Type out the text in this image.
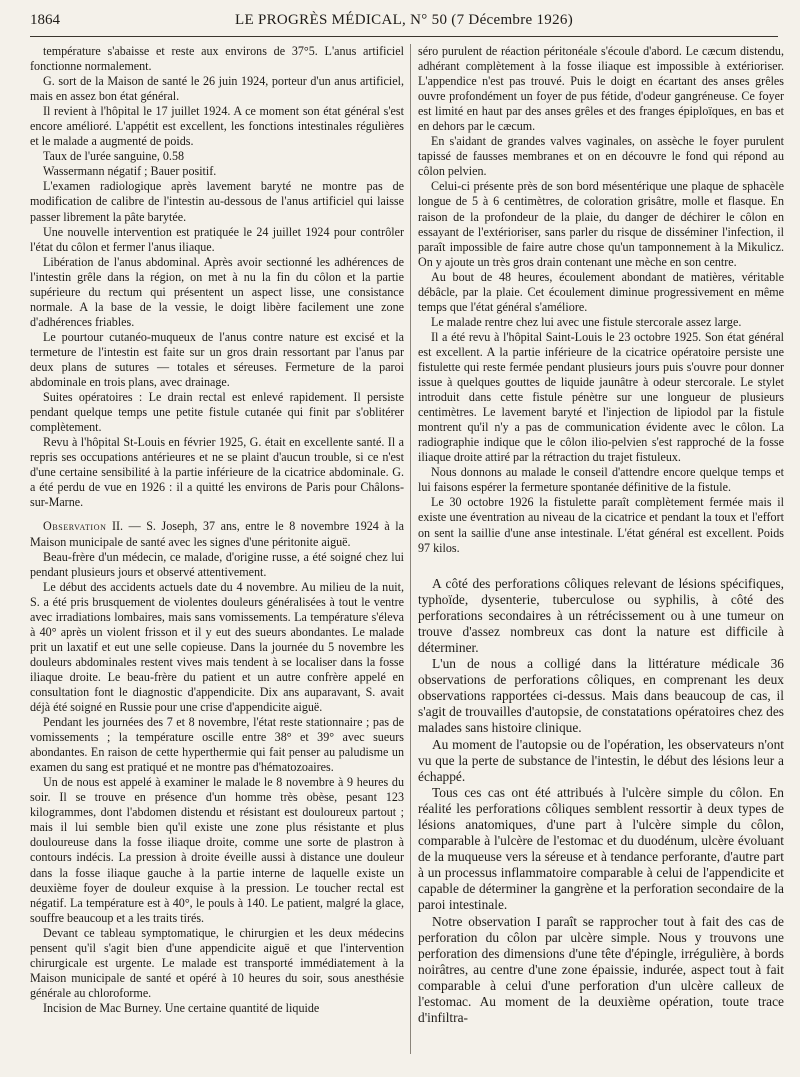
1864	LE PROGRÈS MÉDICAL, N° 50 (7 Décembre 1926)

température s'abaisse et reste aux environs de 37°5. L'anus artificiel fonctionne normalement.

G. sort de la Maison de santé le 26 juin 1924, porteur d'un anus artificiel, mais en assez bon état général.

Il revient à l'hôpital le 17 juillet 1924. A ce moment son état général s'est encore amélioré. L'appétit est excellent, les fonctions intestinales régulières et le malade a augmenté de poids.

Taux de l'urée sanguine, 0.58

Wassermann négatif ; Bauer positif.

L'examen radiologique après lavement baryté ne montre pas de modification de calibre de l'intestin au-dessous de l'anus artificiel qui laisse passer librement la pâte barytée.

Une nouvelle intervention est pratiquée le 24 juillet 1924 pour contrôler l'état du côlon et fermer l'anus iliaque.

Libération de l'anus abdominal. Après avoir sectionné les adhérences de l'intestin grêle dans la région, on met à nu la fin du côlon et la partie supérieure du rectum qui présentent un aspect lisse, une consistance normale. A la base de la vessie, le doigt libère facilement une zone d'adhérences friables.

Le pourtour cutanéo-muqueux de l'anus contre nature est excisé et la termeture de l'intestin est faite sur un gros drain ressortant par l'anus par deux plans de sutures — totales et séreuses. Fermeture de la paroi abdominale en trois plans, avec drainage.

Suites opératoires : Le drain rectal est enlevé rapidement. Il persiste pendant quelque temps une petite fistule cutanée qui finit par s'oblitérer complètement.

Revu à l'hôpital St-Louis en février 1925, G. était en excellente santé. Il a repris ses occupations antérieures et ne se plaint d'aucun trouble, si ce n'est d'une certaine sensibilité à la partie inférieure de la cicatrice abdominale. G. a été perdu de vue en 1926 : il a quitté les environs de Paris pour Châlons-sur-Marne.

Observation II. — S. Joseph, 37 ans, entre le 8 novembre 1924 à la Maison municipale de santé avec les signes d'une péritonite aiguë.

Beau-frère d'un médecin, ce malade, d'origine russe, a été soigné chez lui pendant plusieurs jours et observé attentivement.

Le début des accidents actuels date du 4 novembre. Au milieu de la nuit, S. a été pris brusquement de violentes douleurs généralisées à tout le ventre avec irradiations lombaires, mais sans vomissements. La température s'éleva à 40° après un violent frisson et il y eut des sueurs abondantes. Le malade prit un laxatif et eut une selle copieuse. Dans la journée du 5 novembre les douleurs abdominales restent vives mais tendent à se localiser dans la fosse iliaque droite. Le beau-frère du patient et un autre confrère appelé en consultation font le diagnostic d'appendicite. Dix ans auparavant, S. avait déjà été soigné en Russie pour une crise d'appendicite aiguë.

Pendant les journées des 7 et 8 novembre, l'état reste stationnaire ; pas de vomissements ; la température oscille entre 38° et 39° avec sueurs abondantes. En raison de cette hyperthermie qui fait penser au paludisme un examen du sang est pratiqué et ne montre pas d'hématozoaires.

Un de nous est appelé à examiner le malade le 8 novembre à 9 heures du soir. Il se trouve en présence d'un homme très obèse, pesant 123 kilogrammes, dont l'abdomen distendu et résistant est douloureux partout ; mais il lui semble bien qu'il existe une zone plus résistante et plus douloureuse dans la fosse iliaque droite, comme une sorte de plastron à contours indécis. La pression à droite éveille aussi à distance une douleur dans la fosse iliaque gauche à la partie interne de laquelle existe un deuxième foyer de douleur exquise à la pression. Le toucher rectal est négatif. La température est à 40°, le pouls à 140. Le patient, malgré la glace, souffre beaucoup et a les traits tirés.

Devant ce tableau symptomatique, le chirurgien et les deux médecins pensent qu'il s'agit bien d'une appendicite aiguë et que l'intervention chirurgicale est urgente. Le malade est transporté immédiatement à la Maison municipale de santé et opéré à 10 heures du soir, sous anesthésie générale au chloroforme.

Incision de Mac Burney. Une certaine quantité de liquide

séro purulent de réaction péritonéale s'écoule d'abord. Le cæcum distendu, adhérant complètement à la fosse iliaque est impossible à extérioriser. L'appendice n'est pas trouvé. Puis le doigt en écartant des anses grêles ouvre profondément un foyer de pus fétide, d'odeur gangréneuse. Ce foyer est limité en haut par des anses grêles et des franges épiploïques, en bas et en dehors par le cæcum.

En s'aidant de grandes valves vaginales, on assèche le foyer purulent tapissé de fausses membranes et on en découvre le fond qui répond au côlon pelvien.

Celui-ci présente près de son bord mésentérique une plaque de sphacèle longue de 5 à 6 centimètres, de coloration grisâtre, molle et flasque. En raison de la profondeur de la plaie, du danger de déchirer le côlon en essayant de l'extérioriser, sans parler du risque de disséminer l'infection, il paraît impossible de faire autre chose qu'un tamponnement à la Mikulicz. On y ajoute un très gros drain contenant une mèche en son centre.

Au bout de 48 heures, écoulement abondant de matières, véritable débâcle, par la plaie. Cet écoulement diminue progressivement en même temps que l'état général s'améliore.

Le malade rentre chez lui avec une fistule stercorale assez large.

Il a été revu à l'hôpital Saint-Louis le 23 octobre 1925. Son état général est excellent. A la partie inférieure de la cicatrice opératoire persiste une fistulette qui reste fermée pendant plusieurs jours puis s'ouvre pour donner issue à quelques gouttes de liquide jaunâtre à odeur stercorale. Le stylet introduit dans cette fistule pénètre sur une longueur de plusieurs centimètres. Le lavement baryté et l'injection de lipiodol par la fistule montrent qu'il n'y a pas de communication évidente avec le côlon. La radiographie indique que le côlon ilio-pelvien s'est rapproché de la fosse iliaque droite attiré par la rétraction du trajet fistuleux.

Nous donnons au malade le conseil d'attendre encore quelque temps et lui faisons espérer la fermeture spontanée définitive de la fistule.

Le 30 octobre 1926 la fistulette paraît complètement fermée mais il existe une éventration au niveau de la cicatrice et pendant la toux et l'effort on sent la saillie d'une anse intestinale. L'état général est excellent. Poids 97 kilos.

A côté des perforations côliques relevant de lésions spécifiques, typhoïde, dysenterie, tuberculose ou syphilis, à côté des perforations secondaires à un rétrécissement ou à une tumeur on trouve d'assez nombreux cas dont la nature est difficile à déterminer.

L'un de nous a colligé dans la littérature médicale 36 observations de perforations côliques, en comprenant les deux observations rapportées ci-dessus. Mais dans beaucoup de cas, il s'agit de trouvailles d'autopsie, de constatations opératoires chez des malades sans histoire clinique.

Au moment de l'autopsie ou de l'opération, les observateurs n'ont vu que la perte de substance de l'intestin, le début des lésions leur a échappé.

Tous ces cas ont été attribués à l'ulcère simple du côlon. En réalité les perforations côliques semblent ressortir à deux types de lésions anatomiques, d'une part à l'ulcère simple du côlon, comparable à l'ulcère de l'estomac et du duodénum, ulcère évoluant de la muqueuse vers la séreuse et à tendance perforante, d'autre part à un processus inflammatoire comparable à celui de l'appendicite et capable de déterminer la gangrène et la perforation secondaire de la paroi intestinale.

Notre observation I paraît se rapprocher tout à fait des cas de perforation du côlon par ulcère simple. Nous y trouvons une perforation des dimensions d'une tête d'épingle, irrégulière, à bords noirâtres, au centre d'une zone épaissie, indurée, aspect tout à fait comparable à celui d'une perforation d'un ulcère calleux de l'estomac. Au moment de la deuxième opération, toute trace d'infiltra-
